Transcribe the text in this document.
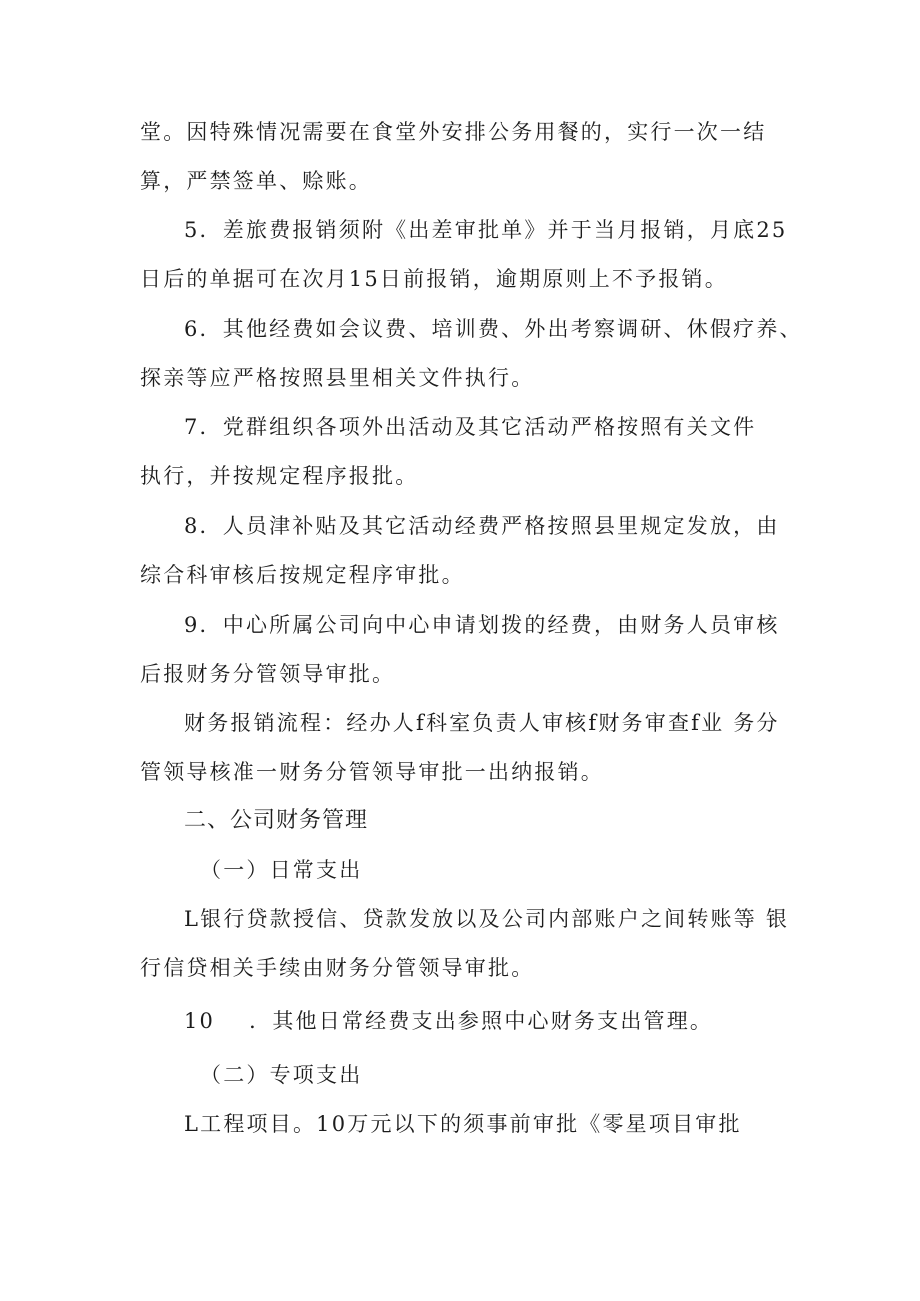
堂。因特殊情况需要在食堂外安排公务用餐的，实行一次一结
算，严禁签单、赊账。
5．差旅费报销须附《出差审批单》并于当月报销，月底25
日后的单据可在次月15日前报销，逾期原则上不予报销。
6．其他经费如会议费、培训费、外出考察调研、休假疗养、
探亲等应严格按照县里相关文件执行。
7．党群组织各项外出活动及其它活动严格按照有关文件
执行，并按规定程序报批。
8．人员津补贴及其它活动经费严格按照县里规定发放，由
综合科审核后按规定程序审批。
9．中心所属公司向中心申请划拨的经费，由财务人员审核
后报财务分管领导审批。
财务报销流程：经办人f科室负责人审核f财务审查f业 务分
管领导核准一财务分管领导审批一出纳报销。
二、公司财务管理
（一）日常支出
L银行贷款授信、贷款发放以及公司内部账户之间转账等 银
行信贷相关手续由财务分管领导审批。
10 ．其他日常经费支出参照中心财务支出管理。
（二）专项支出
L工程项目。10万元以下的须事前审批《零星项目审批
